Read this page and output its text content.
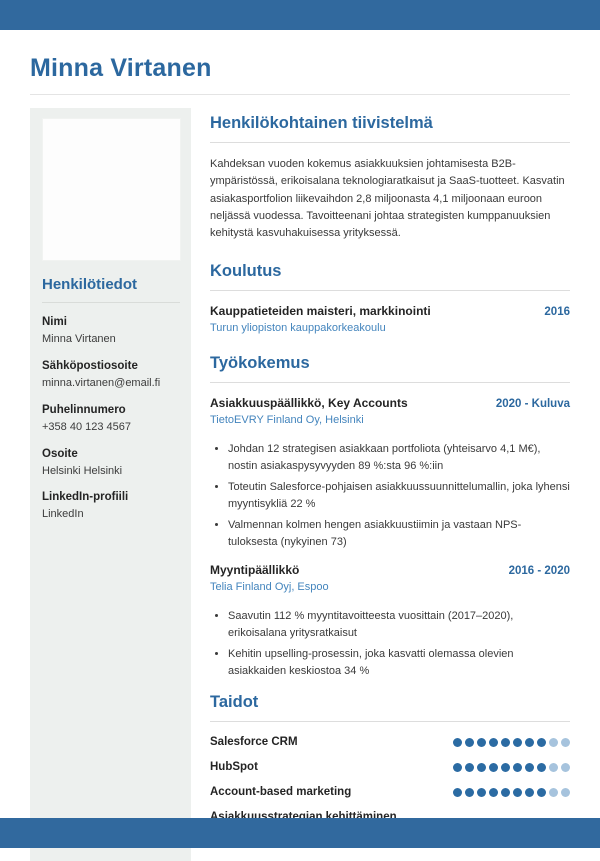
Minna Virtanen
Henkilötiedot
Nimi
Minna Virtanen
Sähköpostiosoite
minna.virtanen@email.fi
Puhelinnumero
+358 40 123 4567
Osoite
Helsinki Helsinki
LinkedIn-profiili
LinkedIn
Henkilökohtainen tiivistelmä

Kahdeksan vuoden kokemus asiakkuuksien johtamisesta B2B-ympäristössä, erikoisalana teknologiaratkaisut ja SaaS-tuotteet. Kasvatin asiakasportfolion liikevaihdon 2,8 miljoonasta 4,1 miljoonaan euroon neljässä vuodessa. Tavoitteenani johtaa strategisten kumppanuuksien kehitystä kasvuhakuisessa yrityksessä.

Koulutus
Kauppatieteiden maisteri, markkinointi	2016
Turun yliopiston kauppakorkeakoulu
Työkokemus
Asiakkuuspäällikkö, Key Accounts	2020 - Kuluva
TietoEVRY Finland Oy, Helsinki
• Johdan 12 strategisen asiakkaan portfoliota (yhteisarvo 4,1 M€), nostin asiakaspysyvyyden 89 %:sta 96 %:iin
• Toteutin Salesforce-pohjaisen asiakkuussuunnittelumallin, joka lyhensi myyntisykliä 22 %
• Valmennan kolmen hengen asiakkuustiimin ja vastaan NPS-tuloksesta (nykyinen 73)
Myyntipäällikkö	2016 - 2020
Telia Finland Oyj, Espoo
• Saavutin 112 % myyntitavoitteesta vuosittain (2017–2020), erikoisalana yritysratkaisut
• Kehitin upselling-prosessin, joka kasvatti olemassa olevien asiakkaiden keskiostoa 34 %
Taidot
Salesforce CRM
HubSpot
Account-based marketing
